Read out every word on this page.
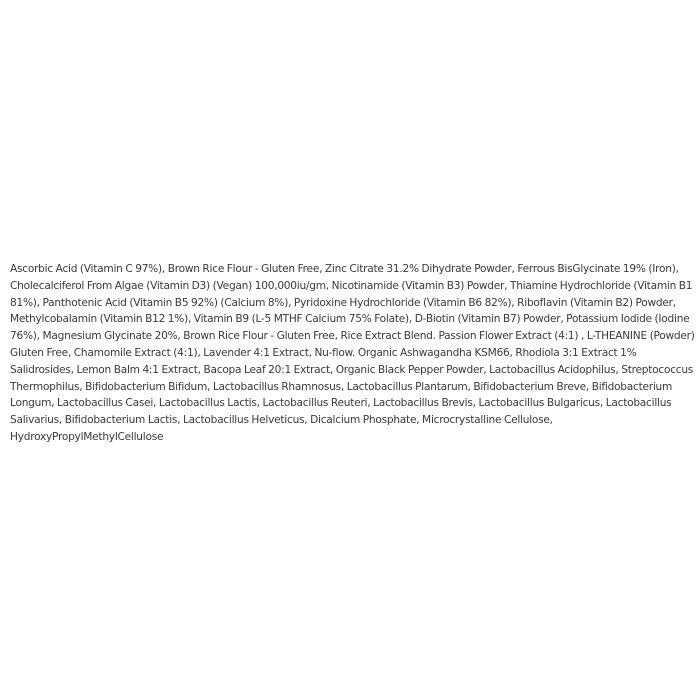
Ascorbic Acid (Vitamin C 97%), Brown Rice Flour - Gluten Free, Zinc Citrate 31.2% Dihydrate Powder, Ferrous BisGlycinate 19% (Iron), Cholecalciferol From Algae (Vitamin D3) (Vegan) 100,000iu/gm, Nicotinamide (Vitamin B3) Powder, Thiamine Hydrochloride (Vitamin B1 81%), Panthotenic Acid (Vitamin B5 92%) (Calcium 8%), Pyridoxine Hydrochloride (Vitamin B6 82%), Riboflavin (Vitamin B2) Powder, Methylcobalamin (Vitamin B12 1%), Vitamin B9 (L-5 MTHF Calcium 75% Folate), D-Biotin (Vitamin B7) Powder, Potassium Iodide (Iodine 76%), Magnesium Glycinate 20%, Brown Rice Flour - Gluten Free, Rice Extract Blend. Passion Flower Extract (4:1) , L-THEANINE (Powder) Gluten Free, Chamomile Extract (4:1), Lavender 4:1 Extract, Nu-flow. Organic Ashwagandha KSM66, Rhodiola 3:1 Extract 1% Salidrosides, Lemon Balm 4:1 Extract, Bacopa Leaf 20:1 Extract, Organic Black Pepper Powder, Lactobacillus Acidophilus, Streptococcus Thermophilus, Bifidobacterium Bifidum, Lactobacillus Rhamnosus, Lactobacillus Plantarum, Bifidobacterium Breve, Bifidobacterium Longum, Lactobacillus Casei, Lactobacillus Lactis, Lactobacillus Reuteri, Lactobacillus Brevis, Lactobacillus Bulgaricus, Lactobacillus Salivarius, Bifidobacterium Lactis, Lactobacillus Helveticus, Dicalcium Phosphate, Microcrystalline Cellulose, HydroxyPropylMethylCellulose
